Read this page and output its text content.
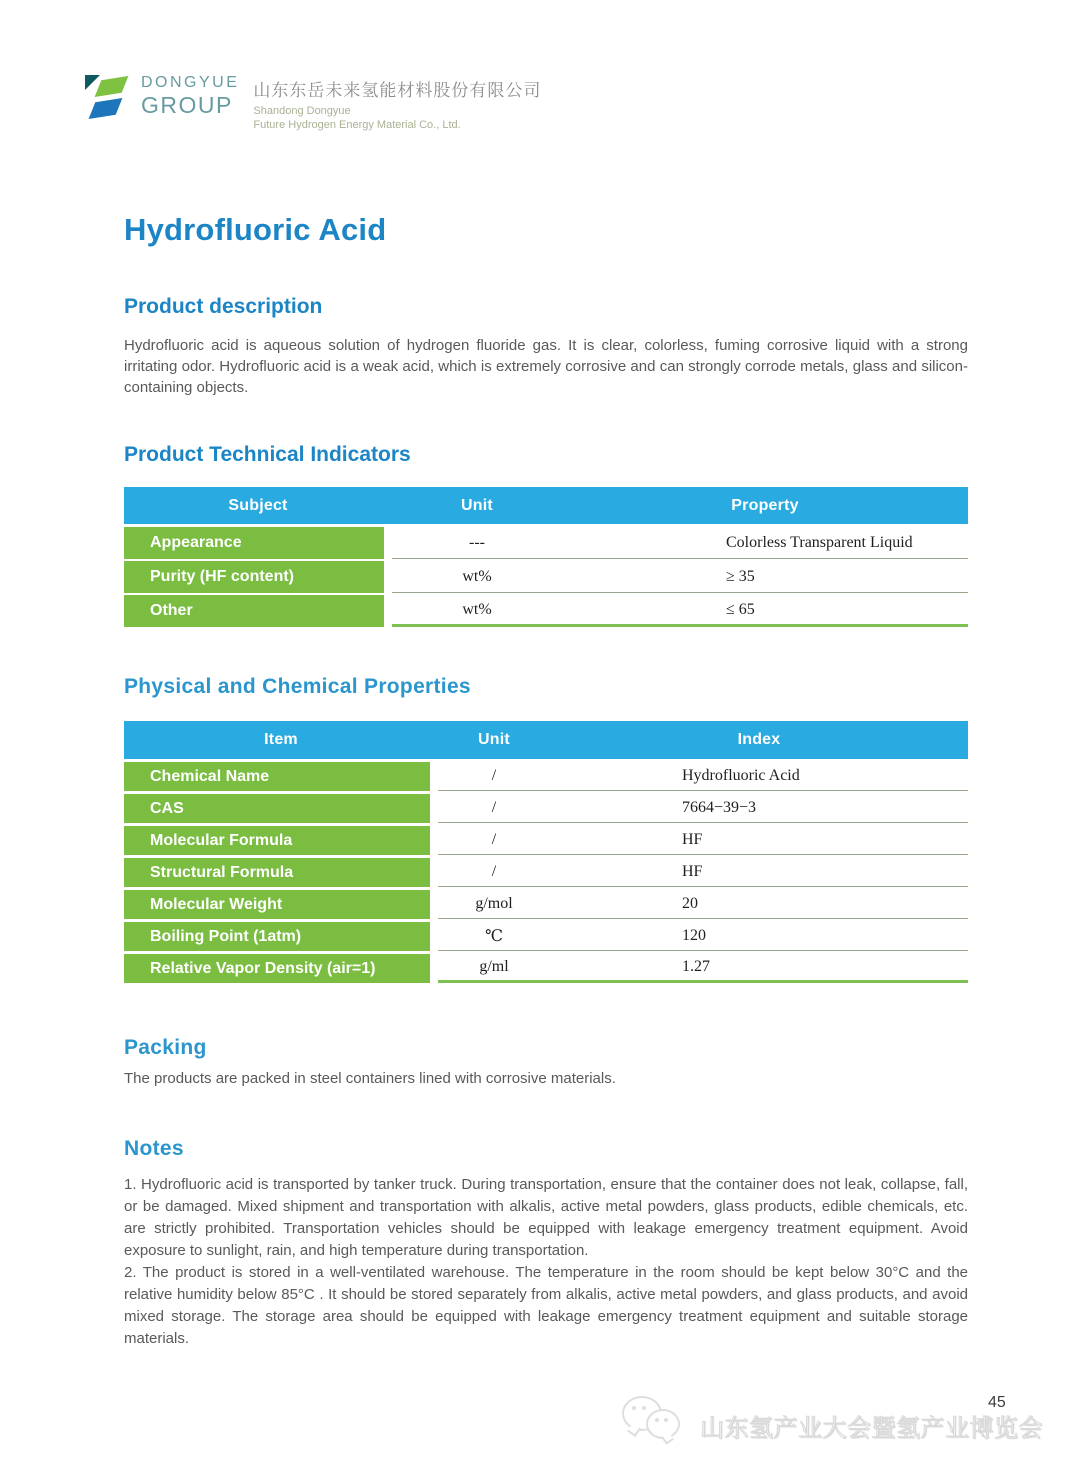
DONGYUE
GROUP
山东东岳未来氢能材料股份有限公司
Shandong Dongyue
Future Hydrogen Energy Material Co., Ltd.
Hydrofluoric Acid
Product description

Hydrofluoric acid is aqueous solution of hydrogen fluoride gas. It is clear, colorless, fuming corrosive liquid with a strong irritating odor. Hydrofluoric acid is a weak acid, which is extremely corrosive and can strongly corrode metals, glass and silicon-containing objects.

Product Technical Indicators
Subject	Unit	Property
Appearance	---	Colorless Transparent Liquid
Purity (HF content)	wt%	≥ 35
Other	wt%	≤ 65
Physical and Chemical Properties
Item	Unit	Index
Chemical Name	/	Hydrofluoric Acid
CAS	/	7664−39−3
Molecular Formula	/	HF
Structural Formula	/	HF
Molecular Weight	g/mol	20
Boiling Point (1atm)	℃	120
Relative Vapor Density (air=1)	g/ml	1.27
Packing

The products are packed in steel containers lined with corrosive materials.

Notes

1. Hydrofluoric acid is transported by tanker truck. During transportation, ensure that the container does not leak, collapse, fall, or be damaged. Mixed shipment and transportation with alkalis, active metal powders, glass products, edible chemicals, etc. are strictly prohibited. Transportation vehicles should be equipped with leakage emergency treatment equipment. Avoid exposure to sunlight, rain, and high temperature during transportation.

2. The product is stored in a well-ventilated warehouse. The temperature in the room should be kept below 30°C and the relative humidity below 85°C . It should be stored separately from alkalis, active metal powders, and glass products, and avoid mixed storage. The storage area should be equipped with leakage emergency treatment equipment and suitable storage materials.

山东氢产业大会暨氢产业博览会
45
